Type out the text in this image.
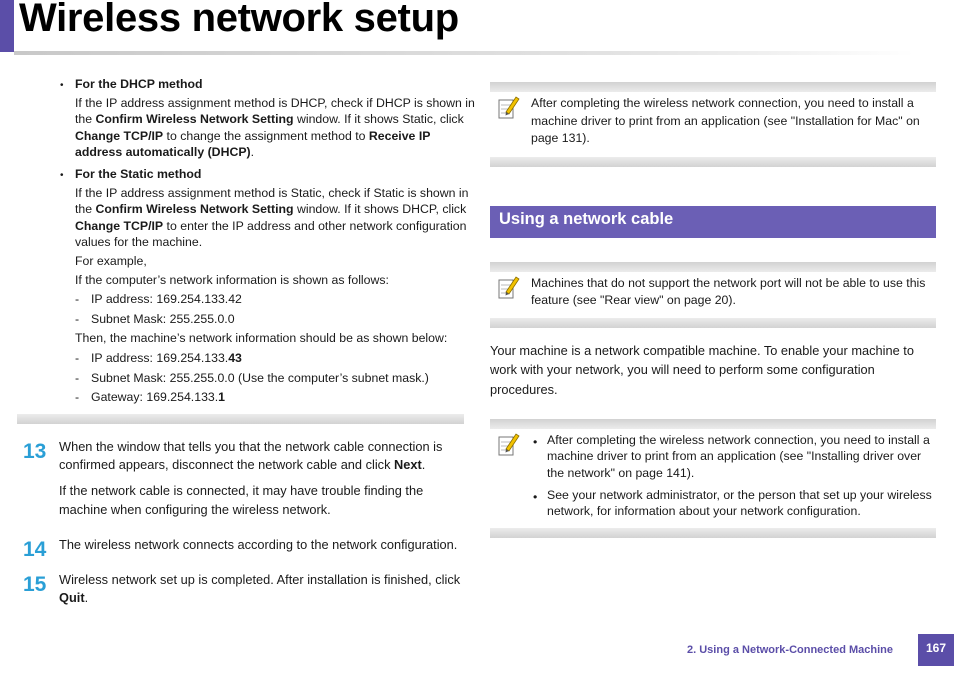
Wireless network setup
• For the DHCP method
If the IP address assignment method is DHCP, check if DHCP is shown in
the Confirm Wireless Network Setting window. If it shows Static, click
Change TCP/IP to change the assignment method to Receive IP
address automatically (DHCP).
• For the Static method
If the IP address assignment method is Static, check if Static is shown in
the Confirm Wireless Network Setting window. If it shows DHCP, click
Change TCP/IP to enter the IP address and other network configuration
values for the machine.
For example,
If the computer’s network information is shown as follows:
- IP address: 169.254.133.42
- Subnet Mask: 255.255.0.0
Then, the machine’s network information should be as shown below:
- IP address: 169.254.133.43
- Subnet Mask: 255.255.0.0 (Use the computer’s subnet mask.)
- Gateway: 169.254.133.1
13 When the window that tells you that the network cable connection is
confirmed appears, disconnect the network cable and click Next.
If the network cable is connected, it may have trouble finding the
machine when configuring the wireless network.
14 The wireless network connects according to the network configuration.
15 Wireless network set up is completed. After installation is finished, click
Quit.
After completing the wireless network connection, you need to install a
machine driver to print from an application (see "Installation for Mac" on
page 131).
Using a network cable
Machines that do not support the network port will not be able to use this
feature (see "Rear view" on page 20).
Your machine is a network compatible machine. To enable your machine to
work with your network, you will need to perform some configuration
procedures.
• After completing the wireless network connection, you need to install a
machine driver to print from an application (see "Installing driver over
the network" on page 141).
• See your network administrator, or the person that set up your wireless
network, for information about your network configuration.
2. Using a Network-Connected Machine	167
